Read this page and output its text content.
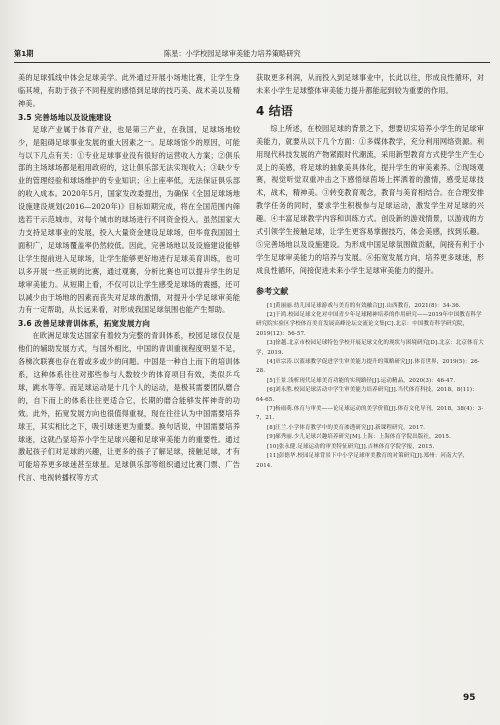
第1期	陈星：小学校园足球审美能力培养策略研究

美的足球弧线中体会足球美学。此外通过开展小场地比赛，让学生身临其境，有助于孩子不同程度的感悟到足球的技巧美、战术美以及精神美。

3.5 完善场地以及设施建设

足球产业属于体育产业，也是第三产业，在我国，足球场地较少，是阻碍足球事业发展的重大因素之一。足球场馆少的原因，可能与以下几点有关：①专业足球事业没有很好的运营收入方案；②俱乐部的主场球场都是租用政府的，这让俱乐部无法实现收入；③缺少专业的管理经验和球场维护的专业知识；④上座率低，无法保证俱乐部的收入成本。2020年5月，国家发改委提出，为确保《全国足球场地设施建设规划(2016—2020年)》目标如期完成，将在全国范围内筛选若干示范城市，对每个城市的球场进行不同资金投入。虽然国家大力支持足球事业的发展，投入大量资金建设足球场，但毕竟我国国土面积广，足球场覆盖率仍然较低。因此，完善场地以及设施建设能够让学生提前进入足球场，让学生能够更好地进行足球美育训练，也可以多开展一些正规的比赛，通过观赛，分析比赛也可以提升学生的足球审美能力。从短期上看，不仅可以让学生感受足球场的震撼，还可以减少由于场地的因素而丧失对足球的激情，对提升小学足球审美能力有一定帮助，从长远来看，对形成我国足球氛围也能产生帮助。

3.6 改善足球青训体系，拓宽发展方向

在欧洲足球发达国家有着较为完整的青训体系，校园足球仅仅是他们的辅助发展方式，与国外相比，中国的青训重视程度明显不足，各梯次联赛也存在着或多或少的问题。中国是一种自上而下的培训体系，这种体系往往对那些参与人数较少的体育项目有效，类似乒乓球，跳水等等。而足球运动是十几个人的运动，是极其需要团队磨合的，自下而上的体系往往更适合它，长期的磨合能够发挥神奇的功效。此外，拓宽发展方向也很值得重视，现在往往认为中国需要培养球王，其实相比之下，吸引球迷更为重要。换句话说，中国需要培养球迷，这就凸显培养小学生足球兴趣和足球审美能力的重要性。通过激起孩子们对足球的兴趣，让更多的孩子了解足球，接触足球，才有可能培养更多球迷甚至球星。足球俱乐部等组织通过比赛门票、广告代言、电视转播权等方式

获取更多利润，从而投入到足球事业中，长此以往，形成良性循环，对未来小学生足球整体审美能力提升都能起到较为重要的作用。

4 结语

综上所述，在校园足球的背景之下，想要切实培养小学生的足球审美能力，就要从以下几个方面：①多媒体教学，充分利用网络资源。利用现代科技发展的产物紧跟时代潮流，采用新型教育方式使学生产生心灵上的美感，将足球的抽象美具体化，提升学生的审美素养。②现场观赛，视觉听觉双重冲击之下感悟绿茵场上挥洒着的激情，感受足球技术，战术，精神美。③转变教育观念，教育与美育相结合。在合理安排教学任务的同时，要求学生积极参与足球运动，激发学生对足球的兴趣。④丰富足球教学内容和训练方式。创设新的游戏情景，以游戏的方式引领学生接触足球，让学生更容易掌握技巧，体会美感，找到乐趣。⑤完善场地以及设施建设。为形成中国足球氛围做贡献，间接有利于小学生足球审美能力的培养与发展。⑥拓宽发展方向，培养更多球迷，形成良性循环，间接促进未来小学生足球审美能力的提升。

参考文献

[1]黄丽丽.幼儿园足球游戏与美育的有效融合[J].山西教育，2021(8)：34-36.

[2]于鸿.校园足球文化对中国青少年足球精神培养的作用研究——2019年中国教育科学研究院实验区学校体育美育发展高峰论坛交流论文集[C].北京：中国教育科学研究院，2019(12)：56-57.

[3]徐越.北京市校园足球特色学校开展足球文化的现状与困境研究[D].北京：北京体育大学，2019.

[4]章宗涛.以篮球教学促进学生审美能力提升的策略研究[J].体育世界，2019(5)：26-28.

[5]王景.浅析现代足球美育功能的实现路径[J].运动精品，2020(3)：46-47.

[6]刘永胜.校园足球活动中学生审美能力培养研究[J].当代体育科技，2018，8(11)：64-65.

[7]杨雨萌.体育与审美——论足球运动的美学价值[J].体育文化导刊，2018，38(4)：3-7，21.

[8]汪兰.小学体育教学中的美育渗透研究[J].新课程研究，2017.

[9]郝秀丽.少儿足球兴趣培养研究[M].上海：上海体育学院出版社，2015.

[10]张永健.足球运动的审美特征研究[J].吉林体育学院学报，2015.

[11]彭德华.校园足球背景下中小学足球审美教育的对策研究[J].郑州：河南大学，2014.

95
